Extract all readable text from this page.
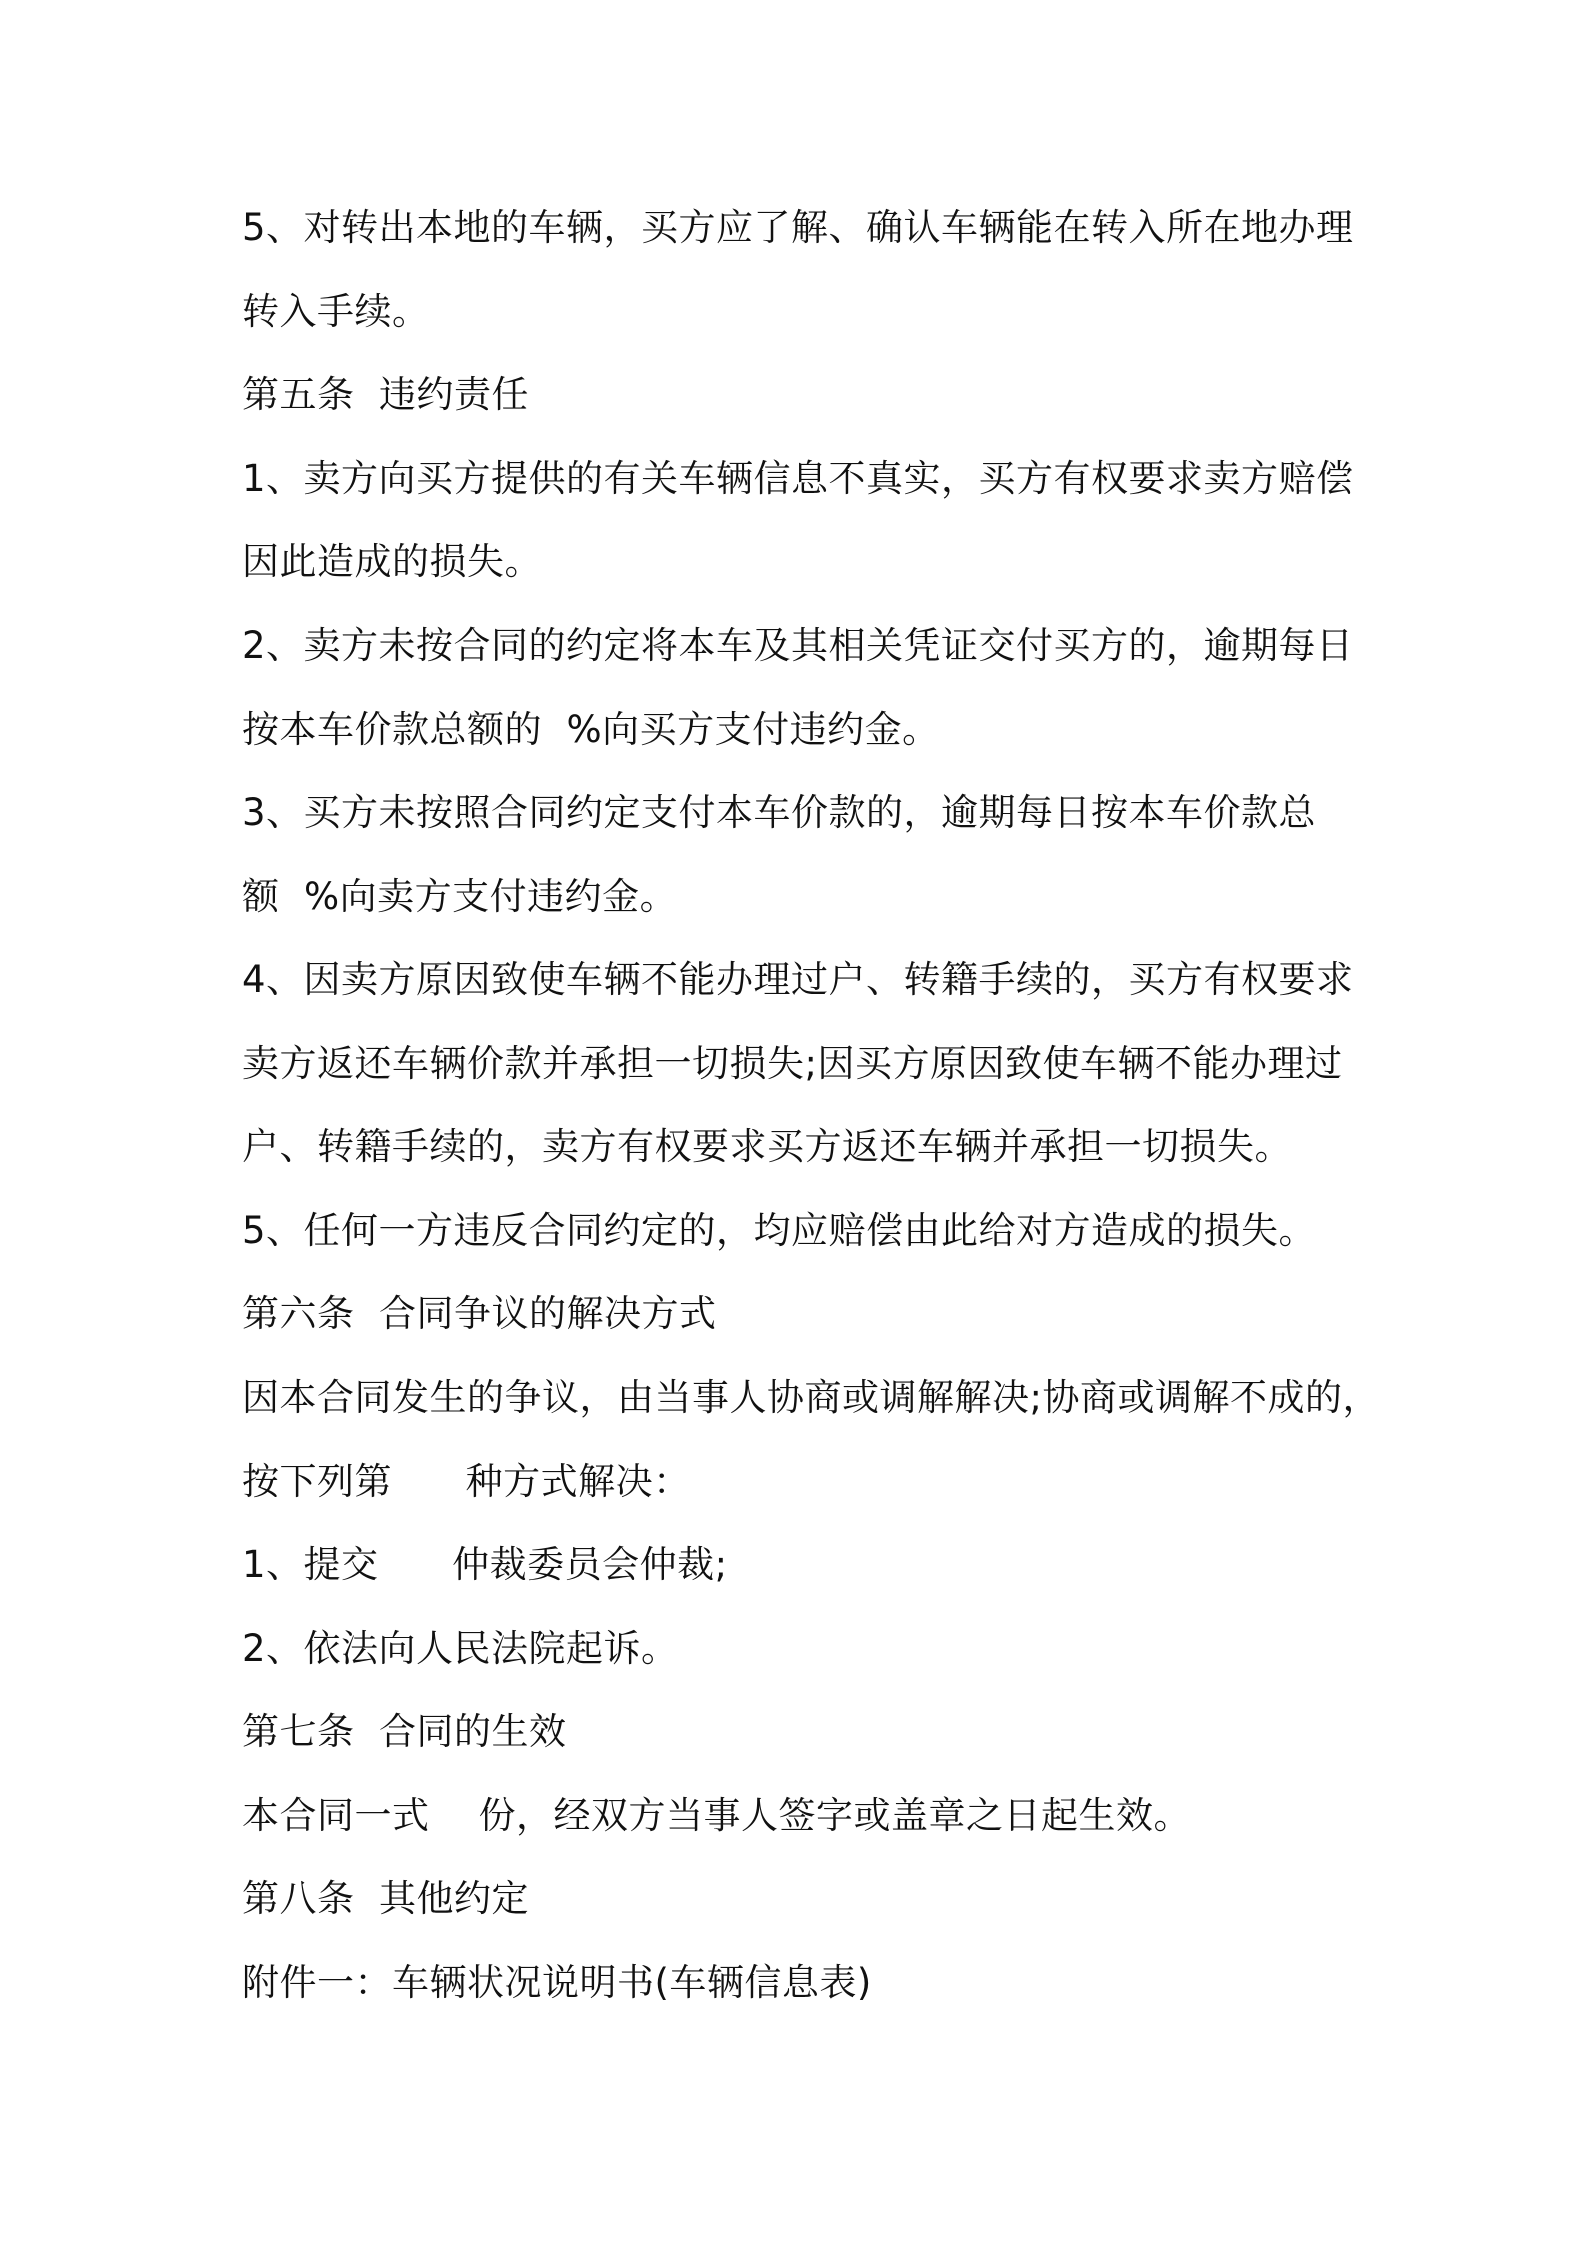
5、对转出本地的车辆，买方应了解、确认车辆能在转入所在地办理
转入手续。
第五条  违约责任
1、卖方向买方提供的有关车辆信息不真实，买方有权要求卖方赔偿
因此造成的损失。
2、卖方未按合同的约定将本车及其相关凭证交付买方的，逾期每日
按本车价款总额的  %向买方支付违约金。
3、买方未按照合同约定支付本车价款的，逾期每日按本车价款总
额  %向卖方支付违约金。
4、因卖方原因致使车辆不能办理过户、转籍手续的，买方有权要求
卖方返还车辆价款并承担一切损失;因买方原因致使车辆不能办理过
户、转籍手续的，卖方有权要求买方返还车辆并承担一切损失。
5、任何一方违反合同约定的，均应赔偿由此给对方造成的损失。
第六条  合同争议的解决方式
因本合同发生的争议，由当事人协商或调解解决;协商或调解不成的，
按下列第      种方式解决：
1、提交      仲裁委员会仲裁;
2、依法向人民法院起诉。
第七条  合同的生效
本合同一式    份，经双方当事人签字或盖章之日起生效。
第八条  其他约定
附件一：车辆状况说明书(车辆信息表)
